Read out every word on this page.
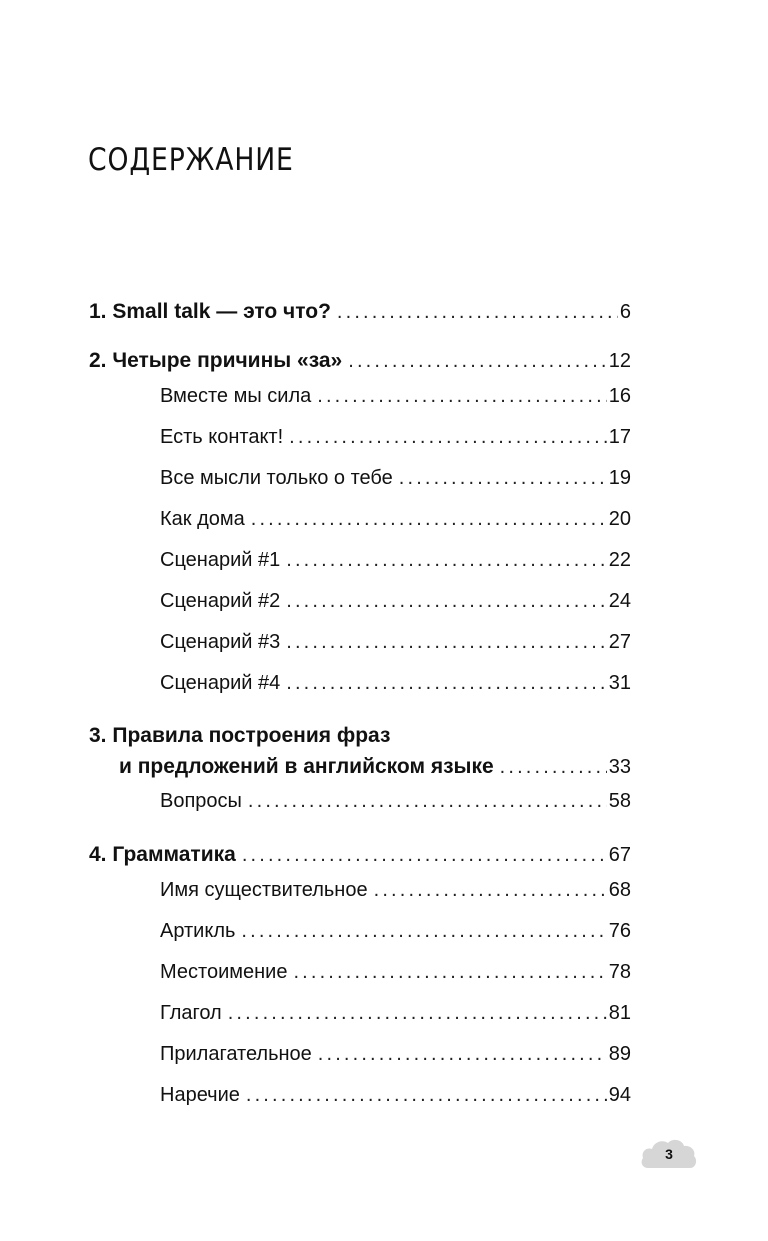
СОДЕРЖАНИЕ
1. Small talk — это что? . . .	6
2. Четыре причины «за» . . .	12
Вместе мы сила . . .	16
Есть контакт! . . .	17
Все мысли только о тебе . . .	19
Как дома . . .	20
Сценарий #1 . . .	22
Сценарий #2 . . .	24
Сценарий #3 . . .	27
Сценарий #4 . . .	31
3. Правила построения фраз
и предложений в английском языке . . .	33
Вопросы . . .	58
4. Грамматика . . .	67
Имя существительное . . .	68
Артикль . . .	76
Местоимение . . .	78
Глагол . . .	81
Прилагательное . . .	89
Наречие . . .	94
3
